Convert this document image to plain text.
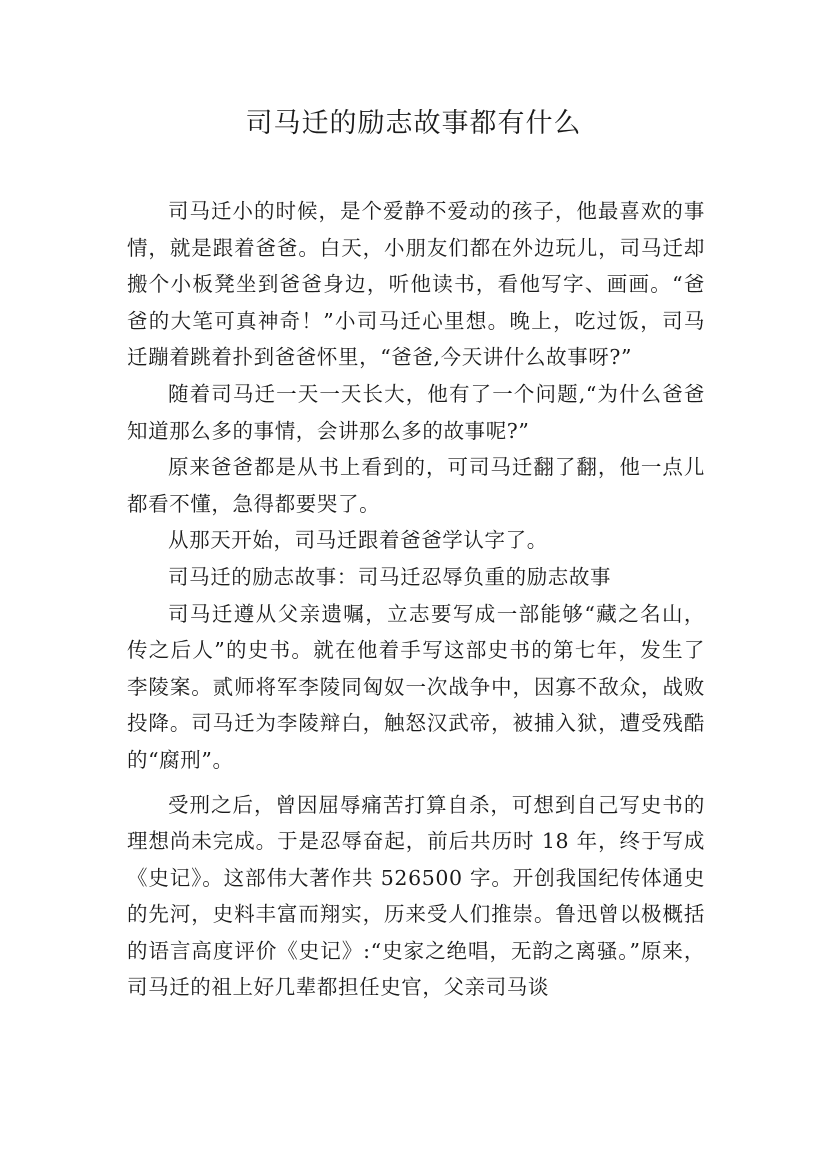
司马迁的励志故事都有什么

司马迁小的时候，是个爱静不爱动的孩子，他最喜欢的事情，就是跟着爸爸。白天，小朋友们都在外边玩儿，司马迁却搬个小板凳坐到爸爸身边，听他读书，看他写字、画画。“爸爸的大笔可真神奇！”小司马迁心里想。晚上，吃过饭，司马迁蹦着跳着扑到爸爸怀里，“爸爸,今天讲什么故事呀?”

随着司马迁一天一天长大，他有了一个问题,“为什么爸爸知道那么多的事情，会讲那么多的故事呢?”

原来爸爸都是从书上看到的，可司马迁翻了翻，他一点儿都看不懂，急得都要哭了。

从那天开始，司马迁跟着爸爸学认字了。

司马迁的励志故事：司马迁忍辱负重的励志故事

司马迁遵从父亲遗嘱，立志要写成一部能够“藏之名山，传之后人”的史书。就在他着手写这部史书的第七年，发生了李陵案。贰师将军李陵同匈奴一次战争中，因寡不敌众，战败投降。司马迁为李陵辩白，触怒汉武帝，被捕入狱，遭受残酷的“腐刑”。

受刑之后，曾因屈辱痛苦打算自杀，可想到自己写史书的理想尚未完成。于是忍辱奋起，前后共历时 18 年，终于写成《史记》。这部伟大著作共 526500 字。开创我国纪传体通史的先河，史料丰富而翔实，历来受人们推崇。鲁迅曾以极概括的语言高度评价《史记》:“史家之绝唱，无韵之离骚。”原来，司马迁的祖上好几辈都担任史官，父亲司马谈
